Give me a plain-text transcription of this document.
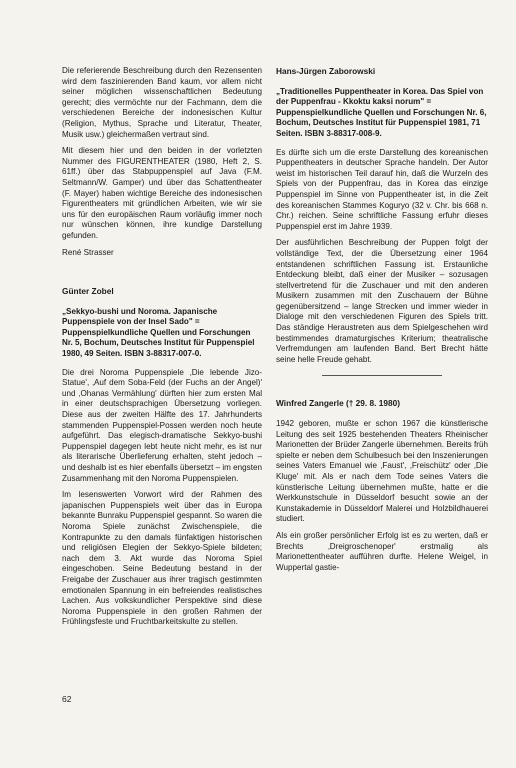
Die referierende Beschreibung durch den Rezensenten wird dem faszinierenden Band kaum, vor allem nicht seiner möglichen wissenschaftlichen Bedeutung gerecht; dies vermöchte nur der Fachmann, dem die verschiedenen Bereiche der indonesischen Kultur (Religion, Mythus, Sprache und Literatur, Theater, Musik usw.) gleichermaßen vertraut sind.

Mit diesem hier und den beiden in der vorletzten Nummer des FIGURENTHEATER (1980, Heft 2, S. 61ff.) über das Stabpuppenspiel auf Java (F.M. Seltmann/W. Gamper) und über das Schattentheater (F. Mayer) haben wichtige Bereiche des indonesischen Figurentheaters mit gründlichen Arbeiten, wie wir sie uns für den europäischen Raum vorläufig immer noch nur wünschen können, ihre kundige Darstellung gefunden.

René Strasser

Günter Zobel

„Sekkyo-bushi und Noroma. Japanische Puppenspiele von der Insel Sado" = Puppenspielkundliche Quellen und Forschungen Nr. 5, Bochum, Deutsches Institut für Puppenspiel 1980, 49 Seiten. ISBN 3-88317-007-0.

Die drei Noroma Puppenspiele ‚Die lebende Jizo-Statue', ‚Auf dem Soba-Feld (der Fuchs an der Angel)' und ‚Ohanas Vermählung' dürften hier zum ersten Mal in einer deutschsprachigen Übersetzung vorliegen. Diese aus der zweiten Hälfte des 17. Jahrhunderts stammenden Puppenspiel-Possen werden noch heute aufgeführt. Das elegisch-dramatische Sekkyo-bushi Puppenspiel dagegen lebt heute nicht mehr, es ist nur als literarische Überlieferung erhalten, steht jedoch – und deshalb ist es hier ebenfalls übersetzt – im engsten Zusammenhang mit den Noroma Puppenspielen.

Im lesenswerten Vorwort wird der Rahmen des japanischen Puppenspiels weit über das in Europa bekannte Bunraku Puppenspiel gespannt. So waren die Noroma Spiele zunächst Zwischenspiele, die Kontrapunkte zu den damals fünfaktigen historischen und religiösen Elegien der Sekkyo-Spiele bildeten; nach dem 3. Akt wurde das Noroma Spiel eingeschoben. Seine Bedeutung bestand in der Freigabe der Zuschauer aus ihrer tragisch gestimmten emotionalen Spannung in ein befreiendes realistisches Lachen. Aus volkskundlicher Perspektive sind diese Noroma Puppenspiele in den großen Rahmen der Frühlingsfeste und Fruchtbarkeitskulte zu stellen.

Hans-Jürgen Zaborowski

„Traditionelles Puppentheater in Korea. Das Spiel von der Puppenfrau - Kkoktu kaksi norum" = Puppenspielkundliche Quellen und Forschungen Nr. 6, Bochum, Deutsches Institut für Puppenspiel 1981, 71 Seiten. ISBN 3-88317-008-9.

Es dürfte sich um die erste Darstellung des koreanischen Puppentheaters in deutscher Sprache handeln. Der Autor weist im historischen Teil darauf hin, daß die Wurzeln des Spiels von der Puppenfrau, das in Korea das einzige Puppenspiel im Sinne von Puppentheater ist, in die Zeit des koreanischen Stammes Koguryo (32 v. Chr. bis 668 n. Chr.) reichen. Seine schriftliche Fassung erfuhr dieses Puppenspiel erst im Jahre 1939.

Der ausführlichen Beschreibung der Puppen folgt der vollständige Text, der die Übersetzung einer 1964 entstandenen schriftlichen Fassung ist. Erstaunliche Entdeckung bleibt, daß einer der Musiker – sozusagen stellvertretend für die Zuschauer und mit den anderen Musikern zusammen mit den Zuschauern der Bühne gegenübersitzend – lange Strecken und immer wieder in Dialoge mit den verschiedenen Figuren des Spiels tritt. Das ständige Heraustreten aus dem Spielgeschehen wird bestimmendes dramaturgisches Kriterium; theatralische Verfremdungen am laufenden Band. Bert Brecht hätte seine helle Freude gehabt.

Winfred Zangerle († 29. 8. 1980)

1942 geboren, mußte er schon 1967 die künstlerische Leitung des seit 1925 bestehenden Theaters Rheinischer Marionetten der Brüder Zangerle übernehmen. Bereits früh spielte er neben dem Schulbesuch bei den Inszenierungen seines Vaters Emanuel wie ‚Faust', ‚Freischütz' oder ‚Die Kluge' mit. Als er nach dem Tode seines Vaters die künstlerische Leitung übernehmen mußte, hatte er die Werkkunstschule in Düsseldorf besucht sowie an der Kunstakademie in Düsseldorf Malerei und Holzbildhauerei studiert.

Als ein großer persönlicher Erfolg ist es zu werten, daß er Brechts ‚Dreigroschenoper' erstmalig als Marionettentheater aufführen durfte. Helene Weigel, in Wuppertal gastie-

62
